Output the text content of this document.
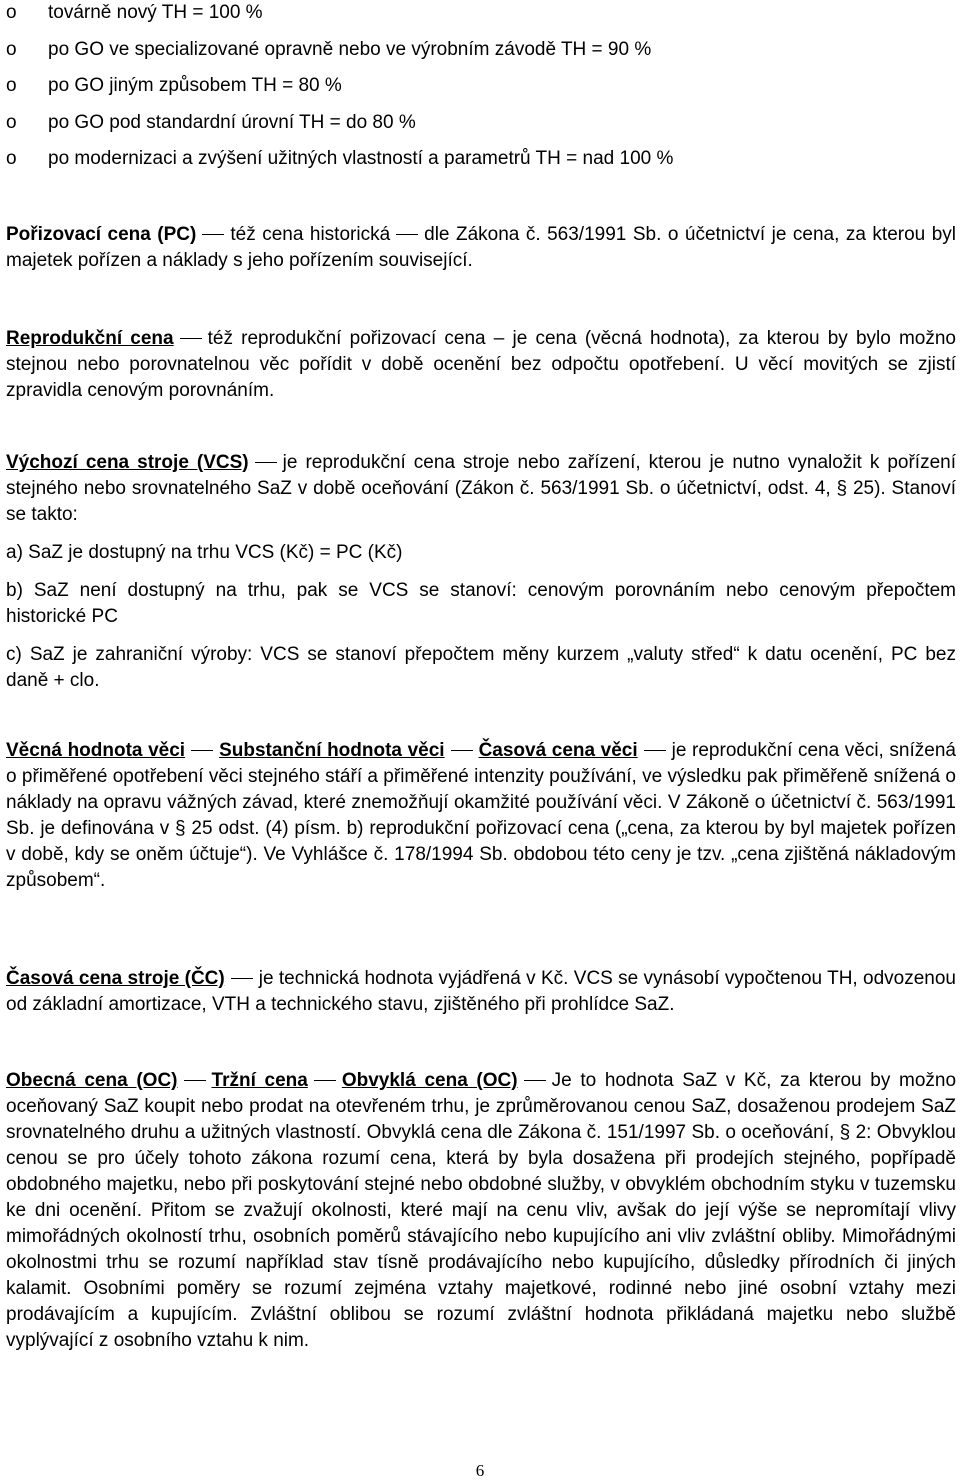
o továrně nový TH = 100 %
o po GO ve specializované opravně nebo ve výrobním závodě TH = 90 %
o po GO jiným způsobem TH = 80 %
o po GO pod standardní úrovní TH = do 80 %
o po modernizaci a zvýšení užitných vlastností a parametrů TH = nad 100 %

Pořizovací cena (PC) též cena historická dle Zákona č. 563/1991 Sb. o účetnictví je cena, za kterou byl majetek pořízen a náklady s jeho pořízením související.

Reprodukční cena též reprodukční pořizovací cena – je cena (věcná hodnota), za kterou by bylo možno stejnou nebo porovnatelnou věc pořídit v době ocenění bez odpočtu opotřebení. U věcí movitých se zjistí zpravidla cenovým porovnáním.

Výchozí cena stroje (VCS) je reprodukční cena stroje nebo zařízení, kterou je nutno vynaložit k pořízení stejného nebo srovnatelného SaZ v době oceňování (Zákon č. 563/1991 Sb. o účetnictví, odst. 4, § 25). Stanoví se takto:

a) SaZ je dostupný na trhu VCS (Kč) = PC (Kč)

b) SaZ není dostupný na trhu, pak se VCS se stanoví: cenovým porovnáním nebo cenovým přepočtem historické PC

c) SaZ je zahraniční výroby: VCS se stanoví přepočtem měny kurzem „valuty střed“ k datu ocenění, PC bez daně + clo.

Věcná hodnota věci Substanční hodnota věci Časová cena věci je reprodukční cena věci, snížená o přiměřené opotřebení věci stejného stáří a přiměřené intenzity používání, ve výsledku pak přiměřeně snížená o náklady na opravu vážných závad, které znemožňují okamžité používání věci. V Zákoně o účetnictví č. 563/1991 Sb. je definována v § 25 odst. (4) písm. b) reprodukční pořizovací cena („cena, za kterou by byl majetek pořízen v době, kdy se oněm účtuje“). Ve Vyhlášce č. 178/1994 Sb. obdobou této ceny je tzv. „cena zjištěná nákladovým způsobem“.

Časová cena stroje (ČC) je technická hodnota vyjádřená v Kč. VCS se vynásobí vypočtenou TH, odvozenou od základní amortizace, VTH a technického stavu, zjištěného při prohlídce SaZ.

Obecná cena (OC) Tržní cena Obvyklá cena (OC) Je to hodnota SaZ v Kč, za kterou by možno oceňovaný SaZ koupit nebo prodat na otevřeném trhu, je zprůměrovanou cenou SaZ, dosaženou prodejem SaZ srovnatelného druhu a užitných vlastností. Obvyklá cena dle Zákona č. 151/1997 Sb. o oceňování, § 2: Obvyklou cenou se pro účely tohoto zákona rozumí cena, která by byla dosažena při prodejích stejného, popřípadě obdobného majetku, nebo při poskytování stejné nebo obdobné služby, v obvyklém obchodním styku v tuzemsku ke dni ocenění. Přitom se zvažují okolnosti, které mají na cenu vliv, avšak do její výše se nepromítají vlivy mimořádných okolností trhu, osobních poměrů stávajícího nebo kupujícího ani vliv zvláštní obliby. Mimořádnými okolnostmi trhu se rozumí například stav tísně prodávajícího nebo kupujícího, důsledky přírodních či jiných kalamit. Osobními poměry se rozumí zejména vztahy majetkové, rodinné nebo jiné osobní vztahy mezi prodávajícím a kupujícím. Zvláštní oblibou se rozumí zvláštní hodnota přikládaná majetku nebo službě vyplývající z osobního vztahu k nim.

6
